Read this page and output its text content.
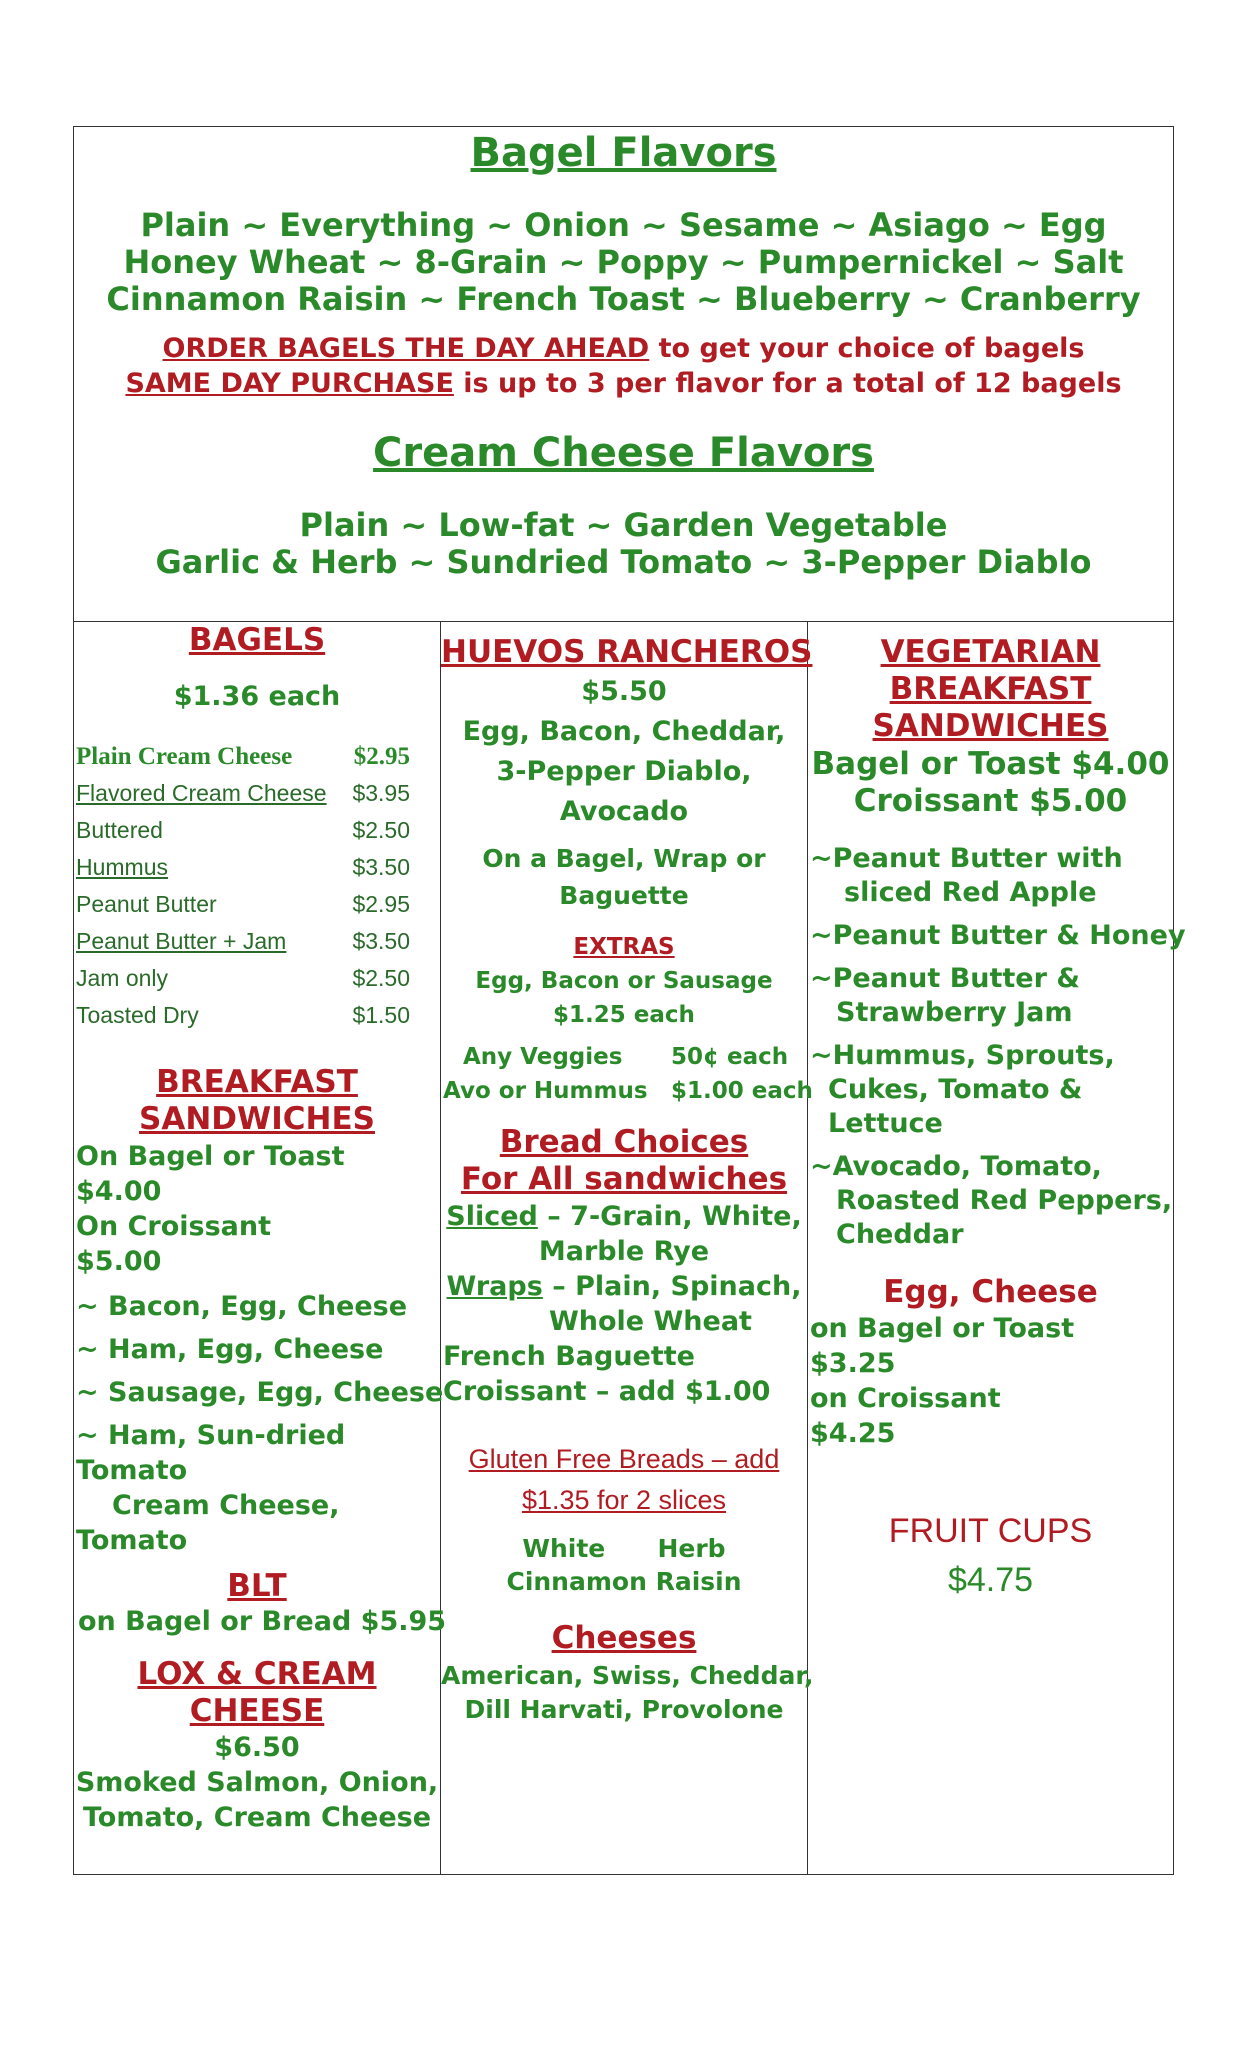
Bagel Flavors
Plain ~ Everything ~ Onion ~ Sesame ~ Asiago ~ Egg
Honey Wheat ~ 8-Grain ~ Poppy ~ Pumpernickel ~ Salt
Cinnamon Raisin ~ French Toast ~ Blueberry ~ Cranberry
ORDER BAGELS THE DAY AHEAD to get your choice of bagels
SAME DAY PURCHASE is up to 3 per flavor for a total of 12 bagels
Cream Cheese Flavors
Plain ~ Low-fat ~ Garden Vegetable
Garlic & Herb ~ Sundried Tomato ~ 3-Pepper Diablo
BAGELS
$1.36 each
Plain Cream Cheese $2.95
Flavored Cream Cheese $3.95
Buttered	$2.50
Hummus	$3.50
Peanut Butter	$2.95
Peanut Butter + Jam	$3.50
Jam only	$2.50
Toasted Dry	$1.50
BREAKFAST
SANDWICHES
On Bagel or Toast
$4.00
On Croissant
$5.00
~ Bacon, Egg, Cheese
~ Ham, Egg, Cheese
~ Sausage, Egg, Cheese
~ Ham, Sun-dried
Tomato
Cream Cheese,
Tomato
BLT
on Bagel or Bread $5.95
LOX & CREAM
CHEESE
$6.50
Smoked Salmon, Onion,
Tomato, Cream Cheese
HUEVOS RANCHEROS
$5.50
Egg, Bacon, Cheddar,
3-Pepper Diablo,
Avocado
On a Bagel, Wrap or
Baguette
EXTRAS
Egg, Bacon or Sausage
$1.25 each
Any Veggies 50¢ each
Avo or Hummus $1.00 each
Bread Choices
For All sandwiches
Sliced – 7-Grain, White,
Marble Rye
Wraps – Plain, Spinach,
Whole Wheat
French Baguette
Croissant – add $1.00
Gluten Free Breads – add
$1.35 for 2 slices
White      Herb
Cinnamon Raisin
Cheeses
American, Swiss, Cheddar,
Dill Harvati, Provolone
VEGETARIAN
BREAKFAST
SANDWICHES
Bagel or Toast $4.00
Croissant $5.00
~Peanut Butter with
sliced Red Apple
~Peanut Butter & Honey
~Peanut Butter &
Strawberry Jam
~Hummus, Sprouts,
Cukes, Tomato &
Lettuce
~Avocado, Tomato,
Roasted Red Peppers,
Cheddar
Egg, Cheese
on Bagel or Toast
$3.25
on Croissant
$4.25
FRUIT CUPS
$4.75
